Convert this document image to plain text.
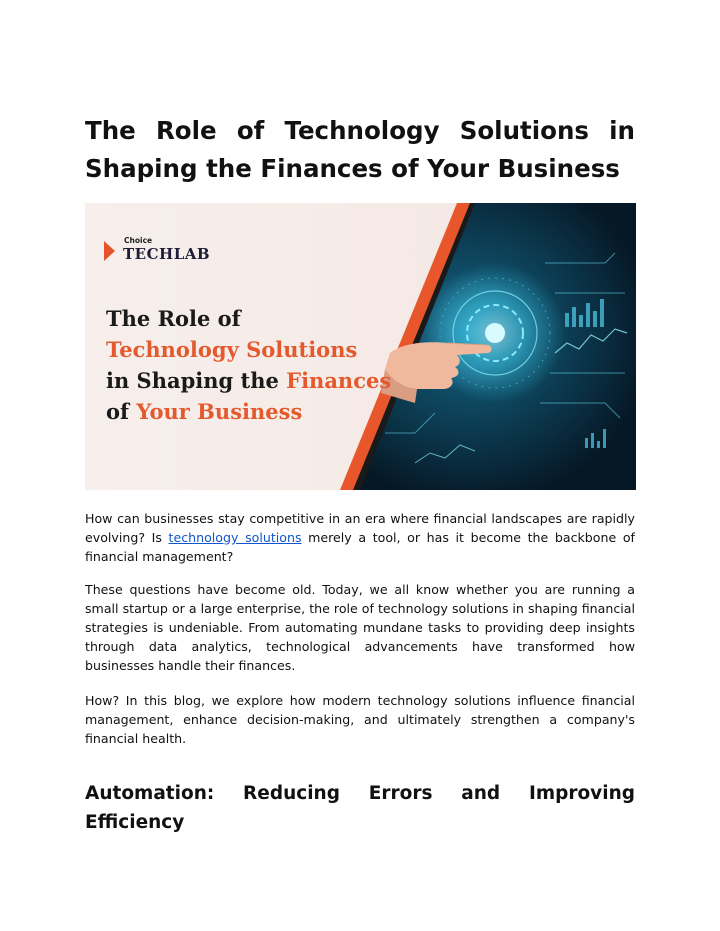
The Role of Technology Solutions in Shaping the Finances of Your Business
Choice
TECHLAB
The Role of
Technology Solutions
in Shaping the Finances
of Your Business

How can businesses stay competitive in an era where financial landscapes are rapidly evolving? Is technology solutions merely a tool, or has it become the backbone of financial management?

These questions have become old. Today, we all know whether you are running a small startup or a large enterprise, the role of technology solutions in shaping financial strategies is undeniable. From automating mundane tasks to providing deep insights through data analytics, technological advancements have transformed how businesses handle their finances.

How? In this blog, we explore how modern technology solutions influence financial management, enhance decision-making, and ultimately strengthen a company's financial health.

Automation: Reducing Errors and Improving Efficiency
